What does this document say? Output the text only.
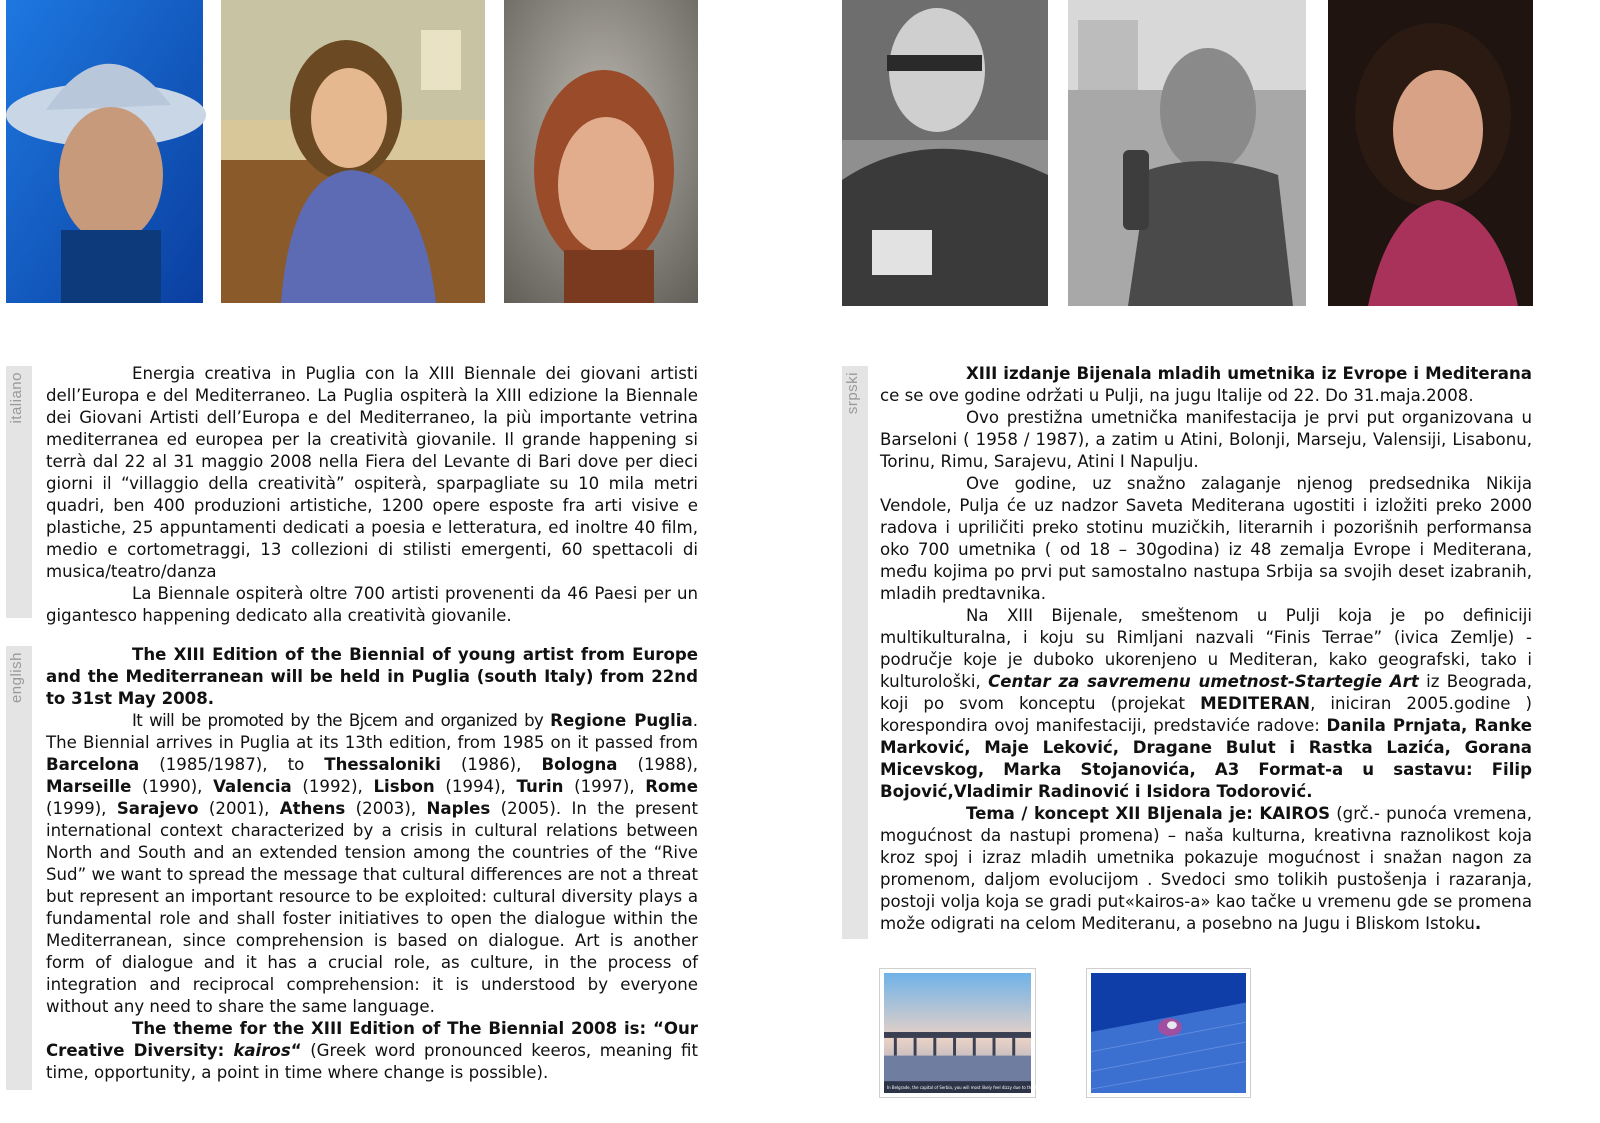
italiano
english
srpski

Energia creativa in Puglia con la XIII Biennale dei giovani artisti dell’Europa e del Mediterraneo. La Puglia ospiterà la XIII edizione la Biennale dei Giovani Artisti dell’Europa e del Mediterraneo, la più importante vetrina mediterranea ed europea per la creatività giovanile. Il grande happening si terrà dal 22 al 31 maggio 2008 nella Fiera del Levante di Bari dove per dieci giorni il “villaggio della creatività” ospiterà, sparpagliate su 10 mila metri quadri, ben 400 produzioni artistiche, 1200 opere esposte fra arti visive e plastiche, 25 appuntamenti dedicati a poesia e letteratura, ed inoltre 40 film, medio e cortometraggi, 13 collezioni di stilisti emergenti, 60 spettacoli di musica/teatro/danza

La Biennale ospiterà oltre 700 artisti provenenti da 46 Paesi per un gigantesco happening dedicato alla creatività giovanile.

The XIII Edition of the Biennial of young artist from Europe and the Mediterranean will be held in Puglia (south Italy) from 22nd to 31st May 2008.

It will be promoted by the Bjcem and organized by Regione Puglia. The Biennial arrives in Puglia at its 13th edition, from 1985 on it passed from Barcelona (1985/1987), to Thessaloniki (1986), Bologna (1988), Marseille (1990), Valencia (1992), Lisbon (1994), Turin (1997), Rome (1999), Sarajevo (2001), Athens (2003), Naples (2005). In the present international context characterized by a crisis in cultural relations between North and South and an extended tension among the countries of the “Rive Sud” we want to spread the message that cultural differences are not a threat but represent an important resource to be exploited: cultural diversity plays a fundamental role and shall foster initiatives to open the dialogue within the Mediterranean, since comprehension is based on dialogue. Art is another form of dialogue and it has a crucial role, as culture, in the process of integration and reciprocal comprehension: it is understood by everyone without any need to share the same language.

The theme for the XIII Edition of The Biennial 2008 is: “Our Creative Diversity: kairos“ (Greek word pronounced keeros, meaning fit time, opportunity, a point in time where change is possible).

XIII izdanje Bijenala mladih umetnika iz Evrope i Mediterana ce se ove godine održati u Pulji, na jugu Italije od 22. Do 31.maja.2008.

Ovo prestižna umetnička manifestacija je prvi put organizovana u Barseloni ( 1958 / 1987), a zatim u Atini, Bolonji, Marseju, Valensiji, Lisabonu, Torinu, Rimu, Sarajevu, Atini I Napulju.

Ove godine, uz snažno zalaganje njenog predsednika Nikija Vendole, Pulja će uz nadzor Saveta Mediterana ugostiti i izložiti preko 2000 radova i upriličiti preko stotinu muzičkih, literarnih i pozorišnih performansa oko 700 umetnika ( od 18 – 30godina) iz 48 zemalja Evrope i Mediterana, među kojima po prvi put samostalno nastupa Srbija sa svojih deset izabranih, mladih predtavnika.

Na XIII Bijenale, smeštenom u Pulji koja je po definiciji multikulturalna, i koju su Rimljani nazvali “Finis Terrae” (ivica Zemlje) - područje koje je duboko ukorenjeno u Mediteran, kako geografski, tako i kulturološki, Centar za savremenu umetnost-Startegie Art iz Beograda, koji po svom konceptu (projekat MEDITERAN, iniciran 2005.godine ) korespondira ovoj manifestaciji, predstaviće radove: Danila Prnjata, Ranke Marković, Maje Leković, Dragane Bulut i Rastka Lazića, Gorana Micevskog, Marka Stojanovića, A3 Format-a u sastavu: Filip Bojović,Vladimir Radinović i Isidora Todorović.

Tema / koncept XII BIjenala je: KAIROS (grč.- punoća vremena, mogućnost da nastupi promena) – naša kulturna, kreativna raznolikost koja kroz spoj i izraz mladih umetnika pokazuje mogućnost i snažan nagon za promenom, daljom evolucijom . Svedoci smo tolikih pustošenja i razaranja, postoji volja koja se gradi put«kairos-a» kao tačke u vremenu gde se promena može odigrati na celom Mediteranu, a posebno na Jugu i Bliskom Istoku.

In Belgrade, the capital of Serbia, you will most likely feel dizzy due to the height from...
